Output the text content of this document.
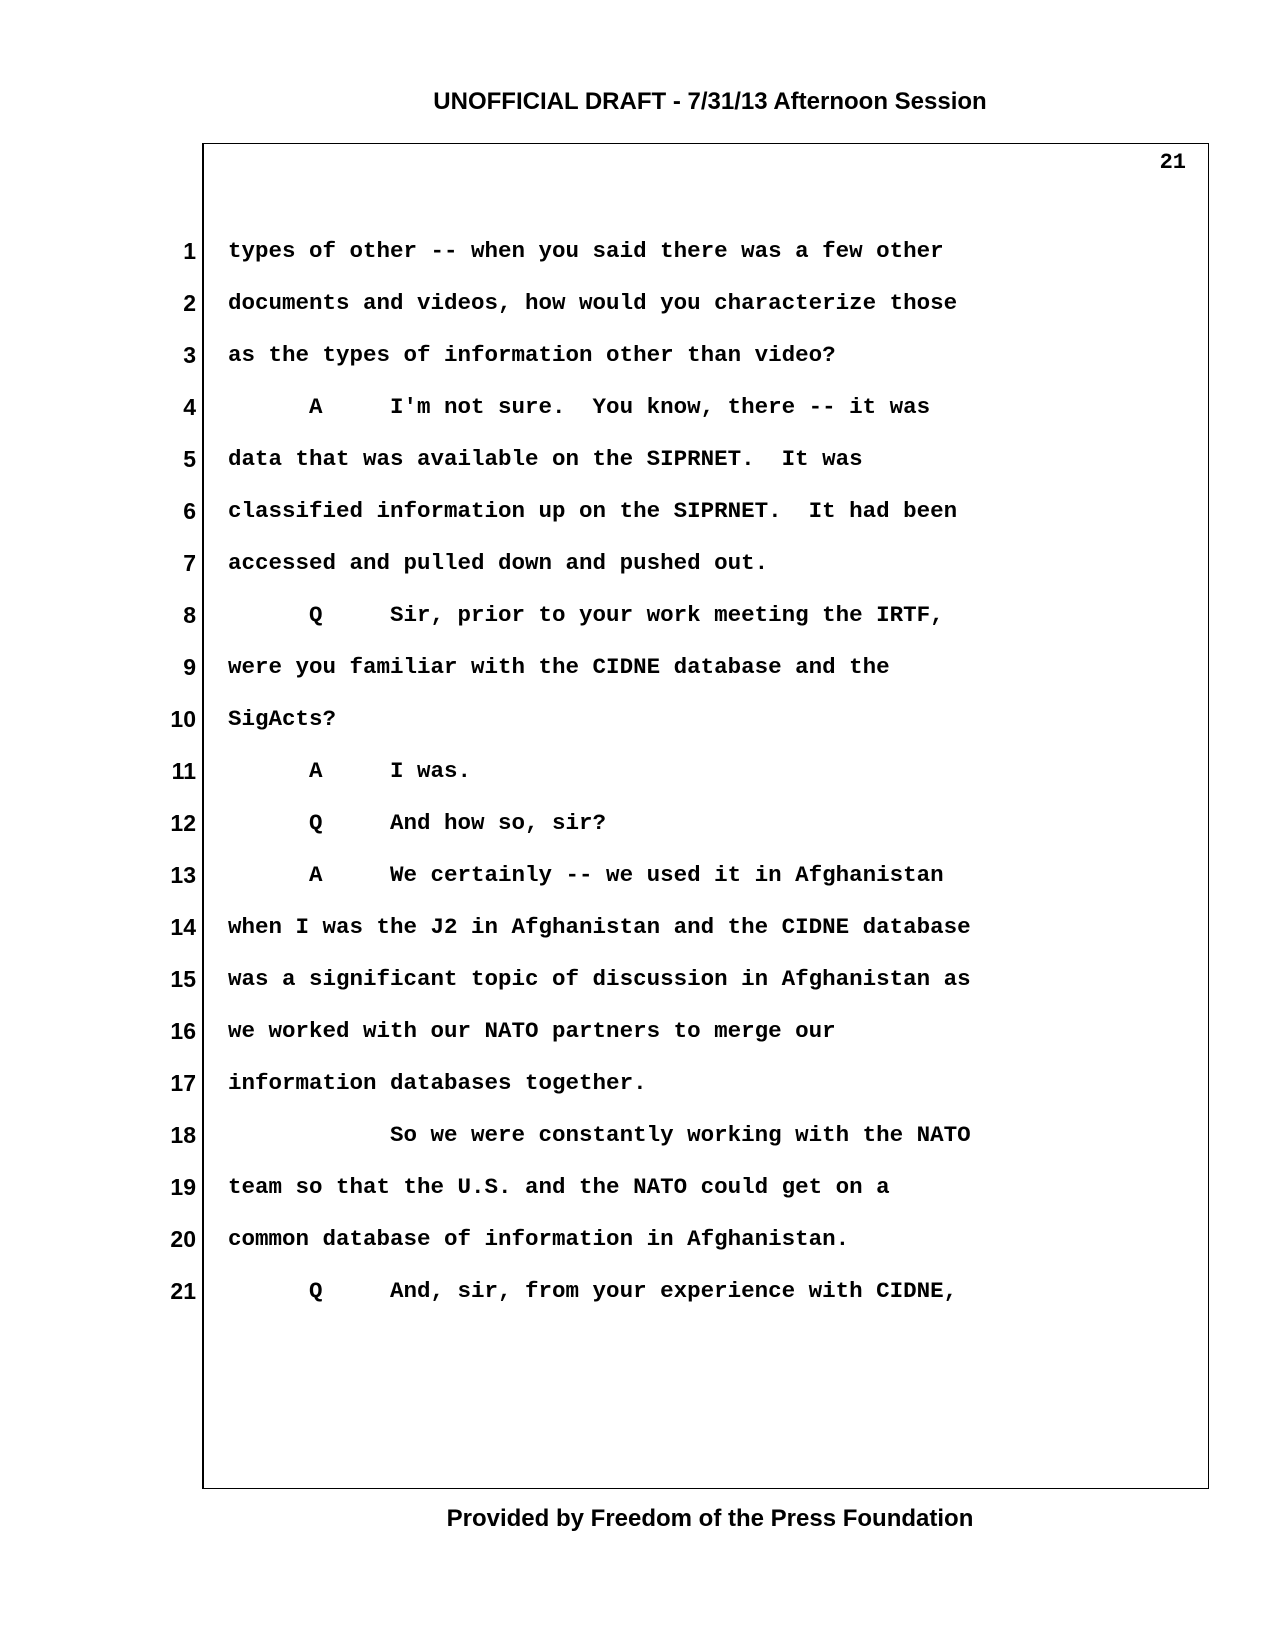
UNOFFICIAL DRAFT - 7/31/13 Afternoon Session
21
1
2
3
4
5
6
7
8
9
10
11
12
13
14
15
16
17
18
19
20
21
types of other -- when you said there was a few other
documents and videos, how would you characterize those
as the types of information other than video?
A     I'm not sure.  You know, there -- it was
data that was available on the SIPRNET.  It was
classified information up on the SIPRNET.  It had been
accessed and pulled down and pushed out.
Q     Sir, prior to your work meeting the IRTF,
were you familiar with the CIDNE database and the
SigActs?
A     I was.
Q     And how so, sir?
A     We certainly -- we used it in Afghanistan
when I was the J2 in Afghanistan and the CIDNE database
was a significant topic of discussion in Afghanistan as
we worked with our NATO partners to merge our
information databases together.
So we were constantly working with the NATO
team so that the U.S. and the NATO could get on a
common database of information in Afghanistan.
Q     And, sir, from your experience with CIDNE,
Provided by Freedom of the Press Foundation
